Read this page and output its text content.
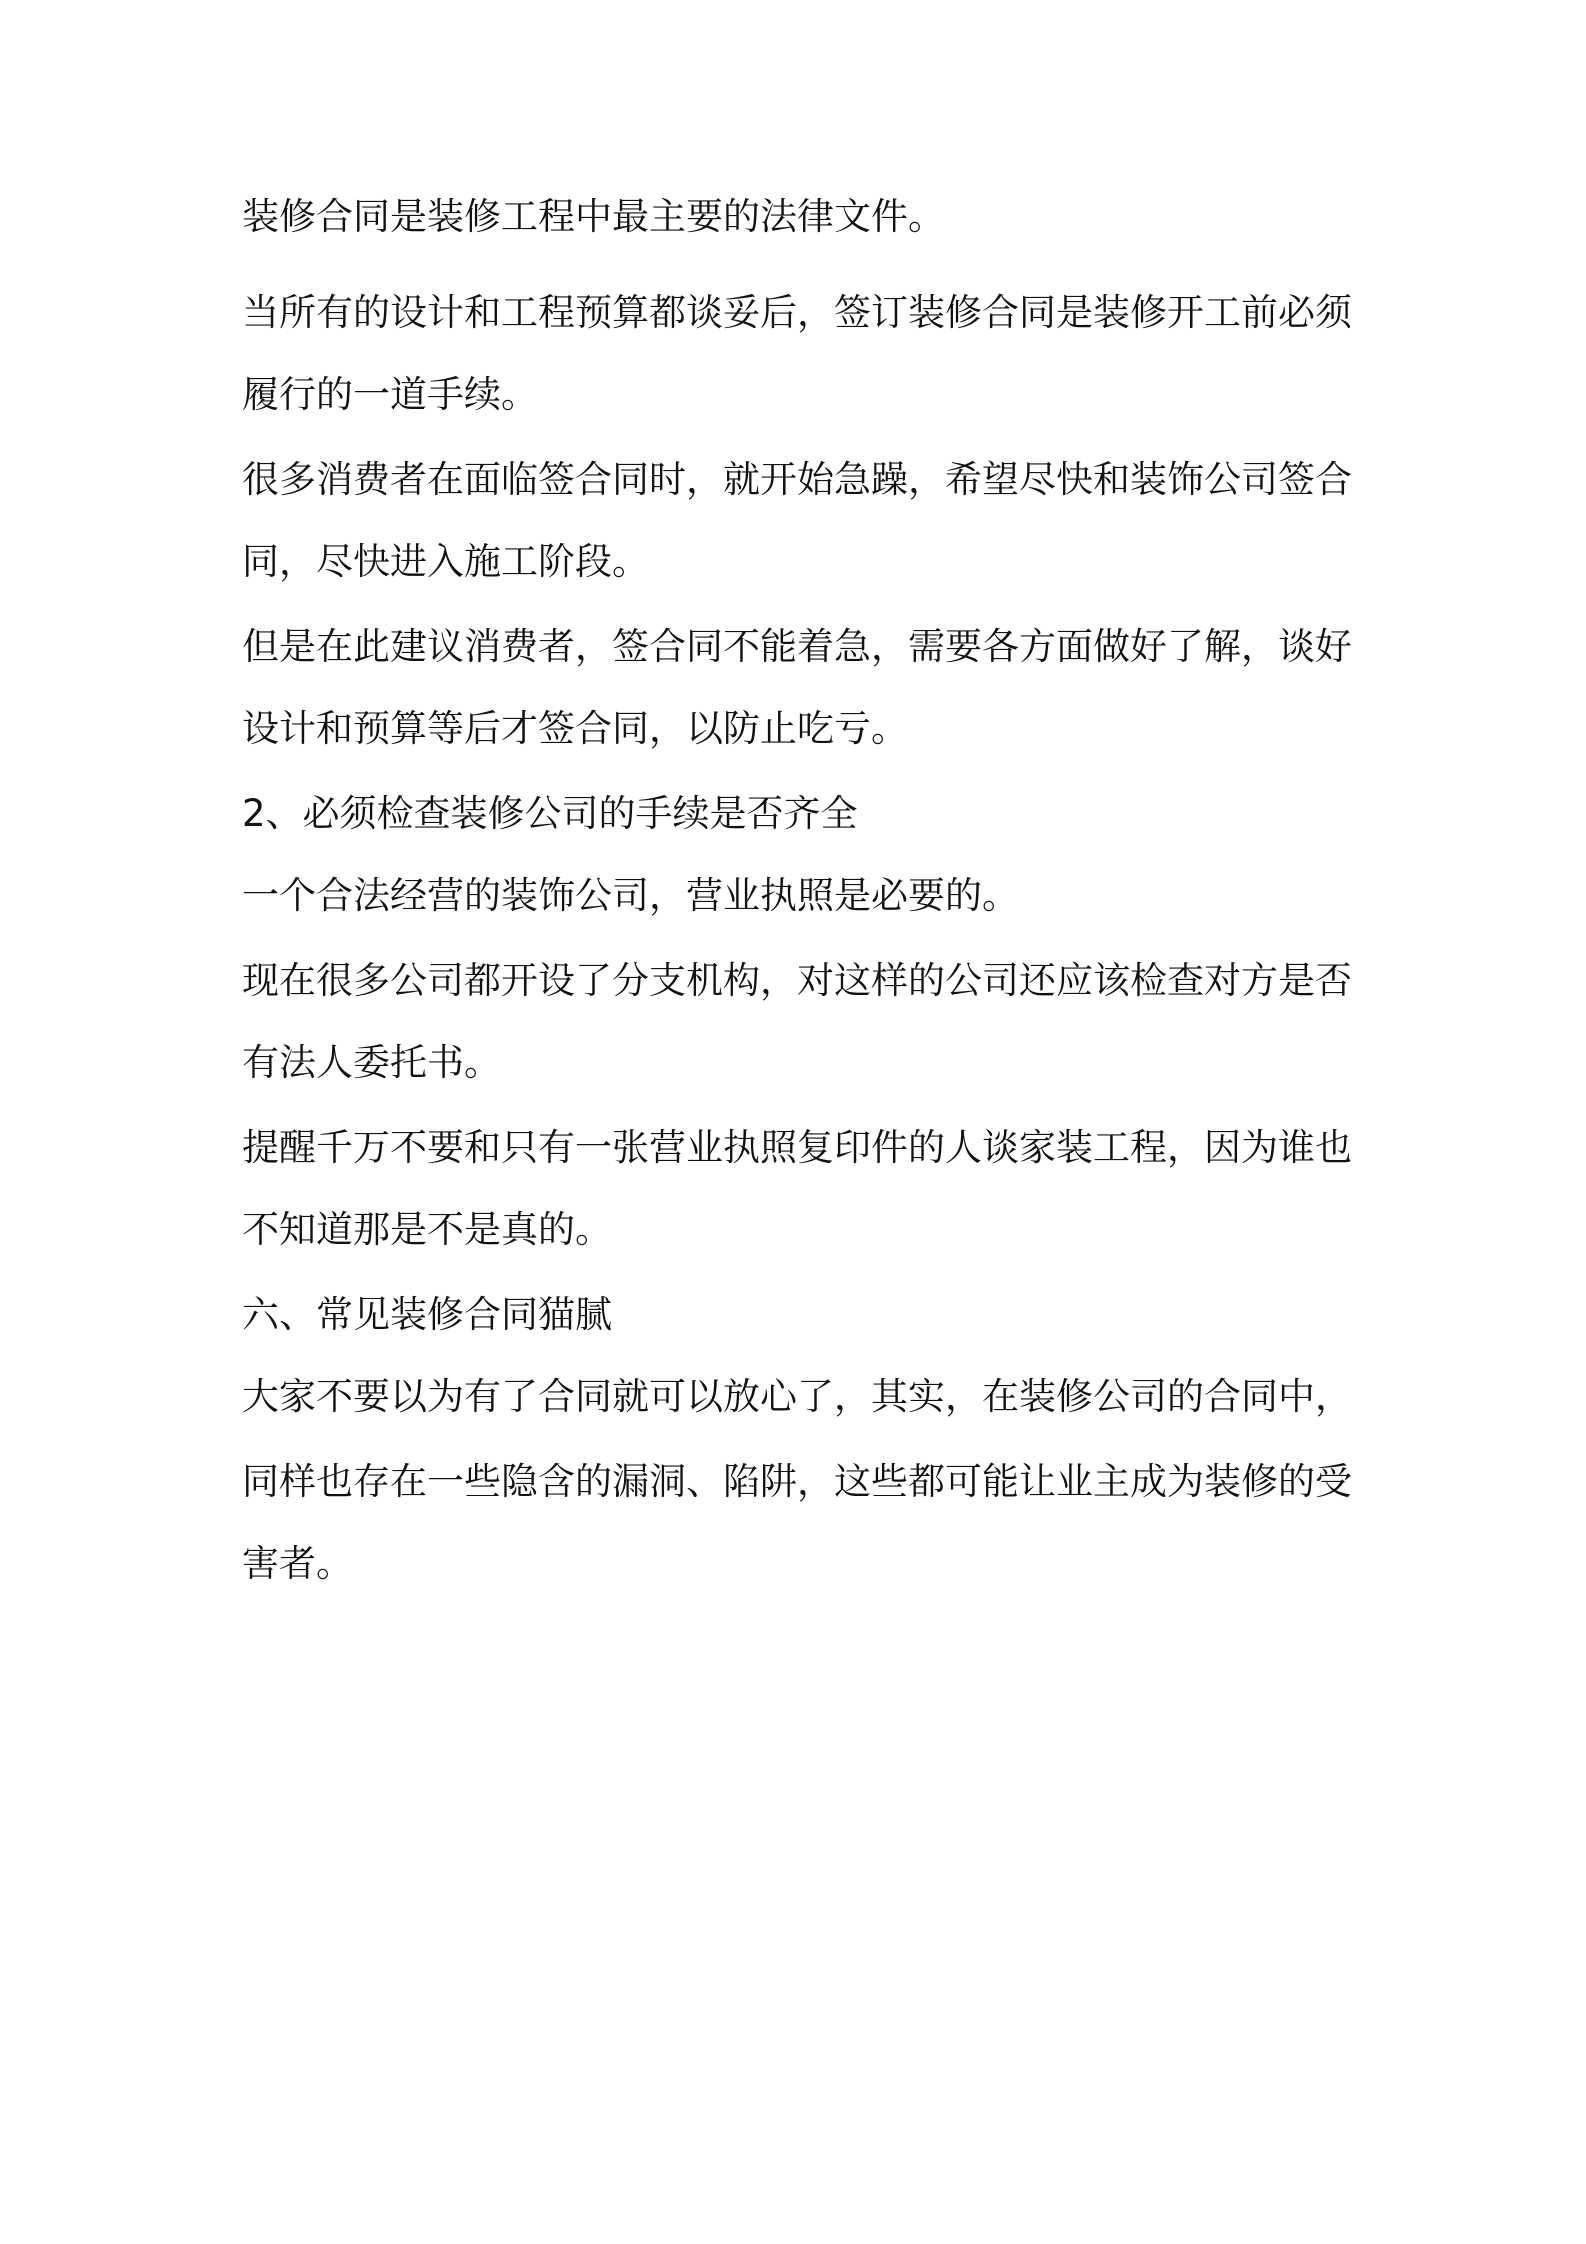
装修合同是装修工程中最主要的法律文件。
当所有的设计和工程预算都谈妥后，签订装修合同是装修开工前必须
履行的一道手续。
很多消费者在面临签合同时，就开始急躁，希望尽快和装饰公司签合
同，尽快进入施工阶段。
但是在此建议消费者，签合同不能着急，需要各方面做好了解，谈好
设计和预算等后才签合同，以防止吃亏。
2、必须检查装修公司的手续是否齐全
一个合法经营的装饰公司，营业执照是必要的。
现在很多公司都开设了分支机构，对这样的公司还应该检查对方是否
有法人委托书。
提醒千万不要和只有一张营业执照复印件的人谈家装工程，因为谁也
不知道那是不是真的。
六、常见装修合同猫腻
大家不要以为有了合同就可以放心了，其实，在装修公司的合同中，
同样也存在一些隐含的漏洞、陷阱，这些都可能让业主成为装修的受
害者。
